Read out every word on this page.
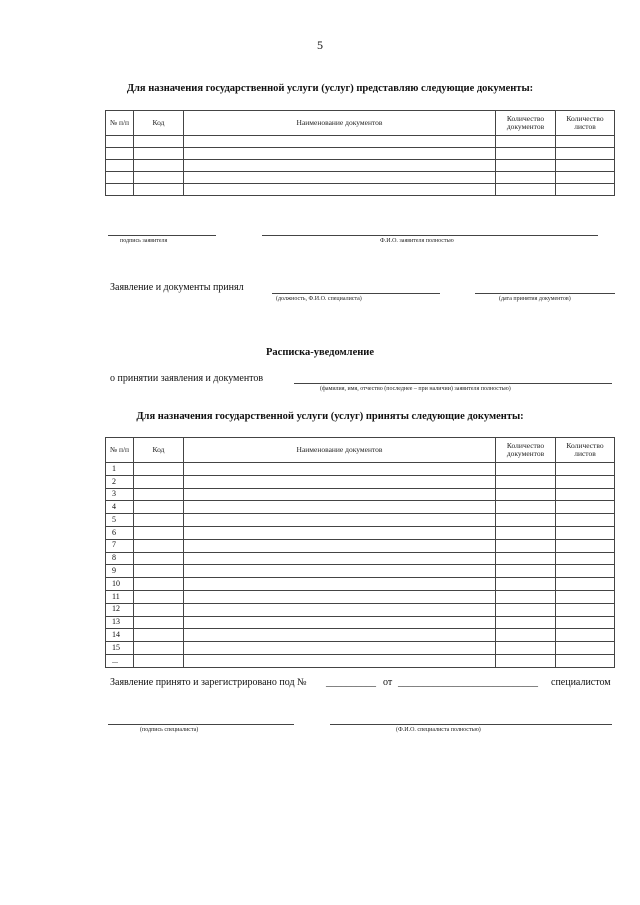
5
Для назначения государственной услуги (услуг) представляю следующие документы:
№ п/п	Код	Наименование документов	Количество документов	Количество листов

подпись заявителя	Ф.И.О. заявителя полностью
Заявление и документы принял
(должность, Ф.И.О. специалиста)	(дата принятия документов)
Расписка-уведомление
о принятии заявления и документов
(фамилия, имя, отчество (последнее – при наличии) заявителя полностью)
Для назначения государственной услуги (услуг) приняты следующие документы:
№ п/п	Код	Наименование документов	Количество документов	Количество листов
1				
2				
3				
4				
5				
6				
7				
8				
9				
10				
11				
12				
13				
14				
15				
...				
Заявление принято и зарегистрировано под № __________ от ____________________________ специалистом
(подпись специалиста)	(Ф.И.О. специалиста полностью)
